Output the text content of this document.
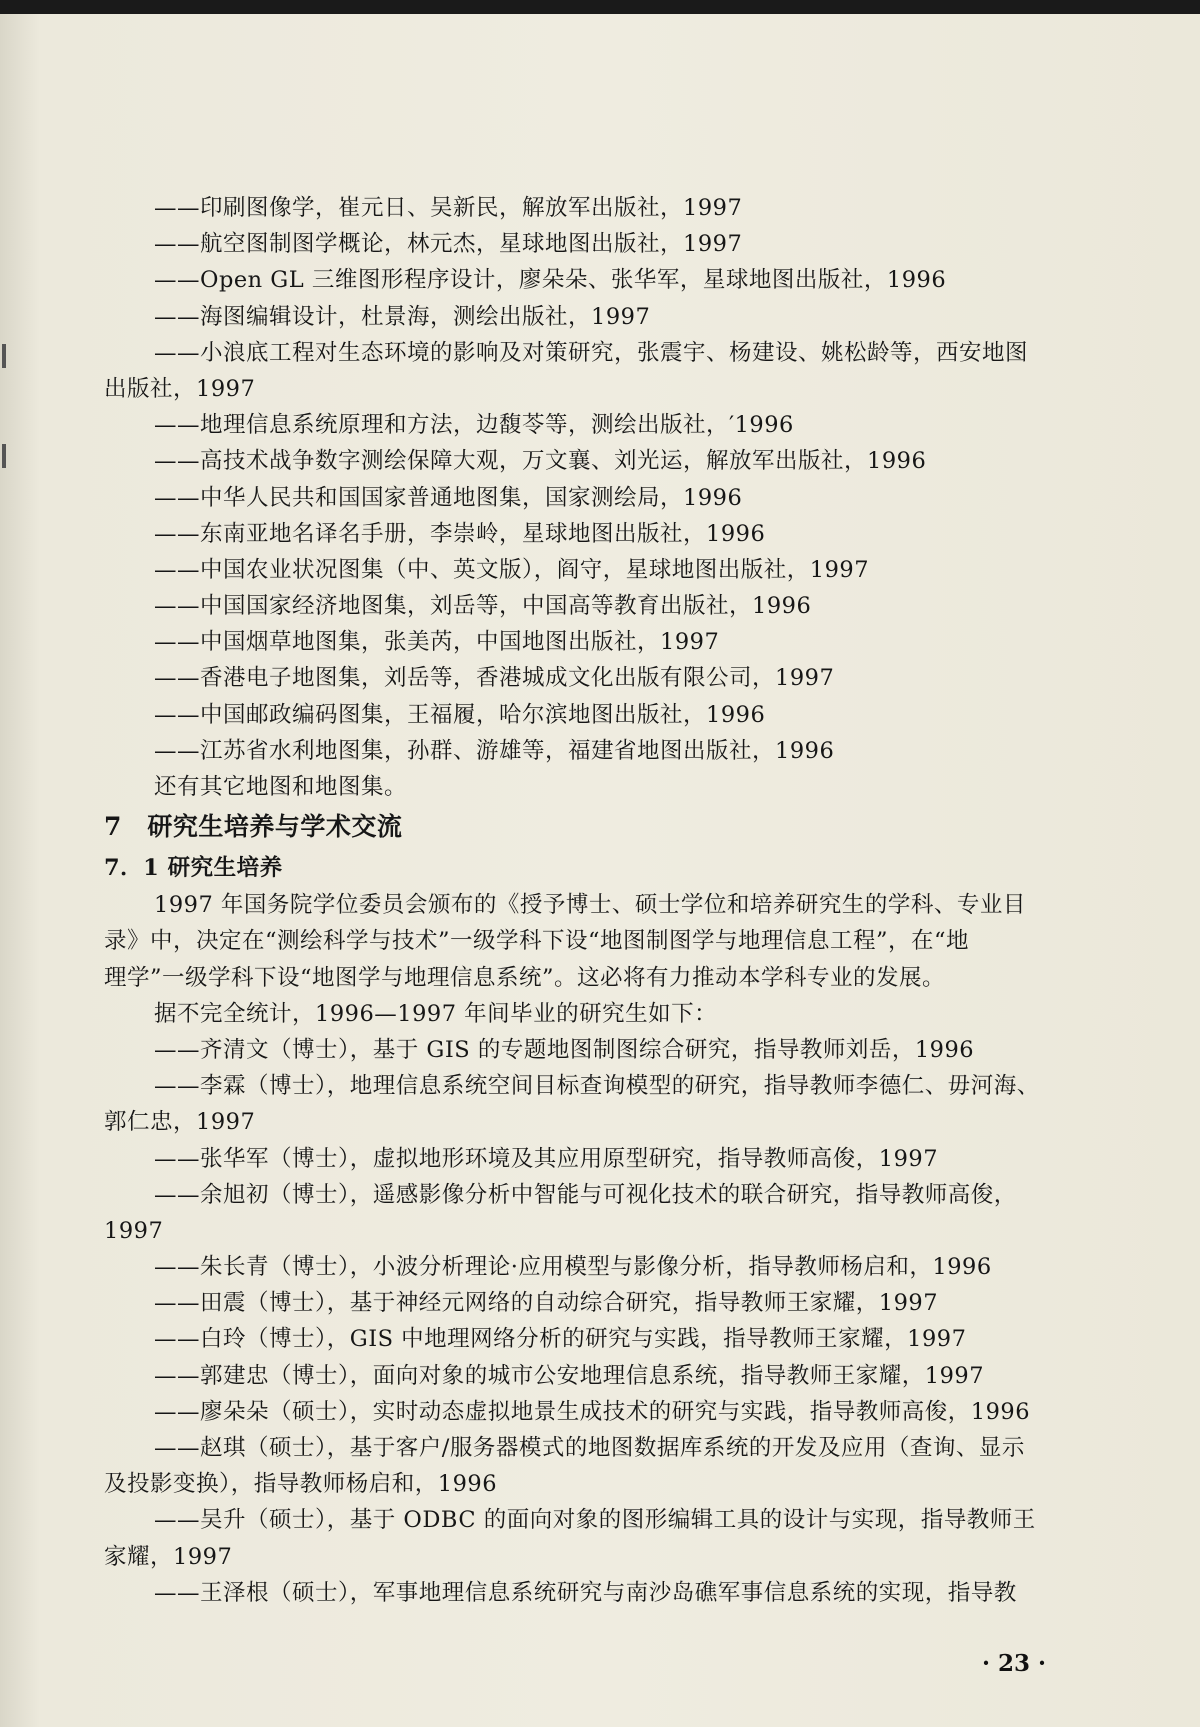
——印刷图像学，崔元日、吴新民，解放军出版社，1997
——航空图制图学概论，林元杰，星球地图出版社，1997
——Open GL 三维图形程序设计，廖朵朵、张华军，星球地图出版社，1996
——海图编辑设计，杜景海，测绘出版社，1997
——小浪底工程对生态环境的影响及对策研究，张震宇、杨建设、姚松龄等，西安地图
出版社，1997
——地理信息系统原理和方法，边馥苓等，测绘出版社，′1996
——高技术战争数字测绘保障大观，万文襄、刘光运，解放军出版社，1996
——中华人民共和国国家普通地图集，国家测绘局，1996
——东南亚地名译名手册，李崇岭，星球地图出版社，1996
——中国农业状况图集（中、英文版），阎守，星球地图出版社，1997
——中国国家经济地图集，刘岳等，中国高等教育出版社，1996
——中国烟草地图集，张美芮，中国地图出版社，1997
——香港电子地图集，刘岳等，香港城成文化出版有限公司，1997
——中国邮政编码图集，王福履，哈尔滨地图出版社，1996
——江苏省水利地图集，孙群、游雄等，福建省地图出版社，1996
还有其它地图和地图集。
7　研究生培养与学术交流
7．1 研究生培养
1997 年国务院学位委员会颁布的《授予博士、硕士学位和培养研究生的学科、专业目
录》中，决定在“测绘科学与技术”一级学科下设“地图制图学与地理信息工程”，在“地
理学”一级学科下设“地图学与地理信息系统”。这必将有力推动本学科专业的发展。
据不完全统计，1996—1997 年间毕业的研究生如下：
——齐清文（博士），基于 GIS 的专题地图制图综合研究，指导教师刘岳，1996
——李霖（博士），地理信息系统空间目标查询模型的研究，指导教师李德仁、毋河海、
郭仁忠，1997
——张华军（博士），虚拟地形环境及其应用原型研究，指导教师高俊，1997
——余旭初（博士），遥感影像分析中智能与可视化技术的联合研究，指导教师高俊，
1997
——朱长青（博士），小波分析理论·应用模型与影像分析，指导教师杨启和，1996
——田震（博士），基于神经元网络的自动综合研究，指导教师王家耀，1997
——白玲（博士），GIS 中地理网络分析的研究与实践，指导教师王家耀，1997
——郭建忠（博士），面向对象的城市公安地理信息系统，指导教师王家耀，1997
——廖朵朵（硕士），实时动态虚拟地景生成技术的研究与实践，指导教师高俊，1996
——赵琪（硕士），基于客户/服务器模式的地图数据库系统的开发及应用（查询、显示
及投影变换），指导教师杨启和，1996
——吴升（硕士），基于 ODBC 的面向对象的图形编辑工具的设计与实现，指导教师王
家耀，1997
——王泽根（硕士），军事地理信息系统研究与南沙岛礁军事信息系统的实现，指导教
· 23 ·
